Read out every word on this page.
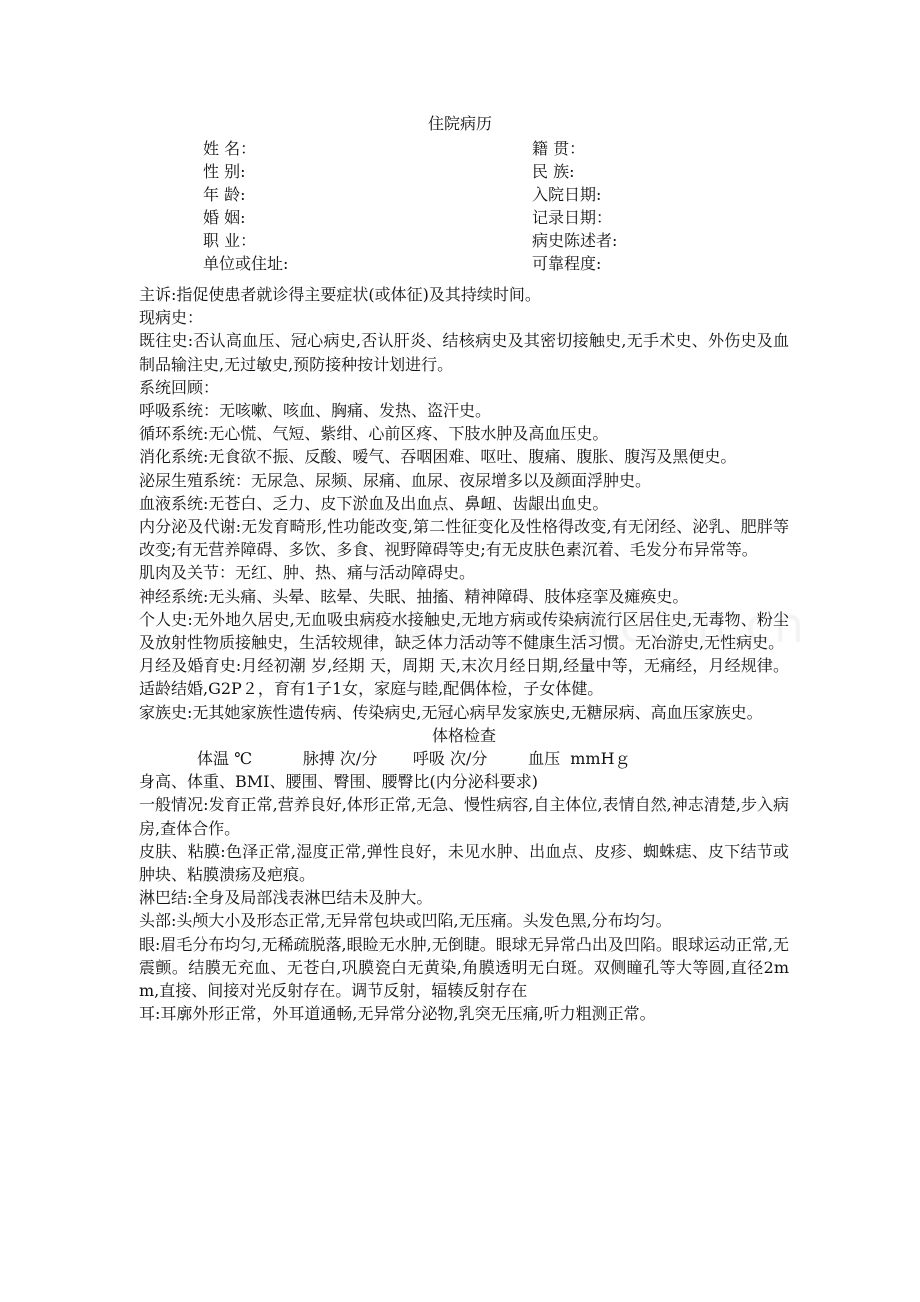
住院病历
姓 名：	籍 贯：
性 别:	民 族:
年 龄:	入院日期:
婚 姻:	记录日期：
职 业：	病史陈述者:
单位或住址:	可靠程度:

主诉:指促使患者就诊得主要症状(或体征)及其持续时间。

现病史：

既往史:否认高血压、冠心病史,否认肝炎、结核病史及其密切接触史,无手术史、外伤史及血制品输注史,无过敏史,预防接种按计划进行。

系统回顾：

呼吸系统：无咳嗽、咳血、胸痛、发热、盗汗史。

循环系统:无心慌、气短、紫绀、心前区疼、下肢水肿及高血压史。

消化系统:无食欲不振、反酸、嗳气、吞咽困难、呕吐、腹痛、腹胀、腹泻及黑便史。

泌尿生殖系统：无尿急、尿频、尿痛、血尿、夜尿增多以及颜面浮肿史。

血液系统:无苍白、乏力、皮下淤血及出血点、鼻衄、齿龈出血史。

内分泌及代谢:无发育畸形,性功能改变,第二性征变化及性格得改变,有无闭经、泌乳、肥胖等改变;有无营养障碍、多饮、多食、视野障碍等史;有无皮肤色素沉着、毛发分布异常等。

肌肉及关节：无红、肿、热、痛与活动障碍史。

神经系统:无头痛、头晕、眩晕、失眠、抽搐、精神障碍、肢体痉挛及瘫痪史。

个人史:无外地久居史,无血吸虫病疫水接触史,无地方病或传染病流行区居住史,无毒物、粉尘及放射性物质接触史，生活较规律，缺乏体力活动等不健康生活习惯。无冶游史,无性病史。

月经及婚育史:月经初潮 岁,经期 天，周期 天,末次月经日期,经量中等，无痛经，月经规律。适龄结婚,G2P２，育有1子1女，家庭与睦,配偶体检，子女体健。

家族史:无其她家族性遗传病、传染病史,无冠心病早发家族史,无糖尿病、高血压家族史。

体格检查

体温 ℃          脉搏 次/分       呼吸 次/分        血压  mmHｇ

身高、体重、BMI、腰围、臀围、腰臀比(内分泌科要求)

一般情况:发育正常,营养良好,体形正常,无急、慢性病容,自主体位,表情自然,神志清楚,步入病房,查体合作。

皮肤、粘膜:色泽正常,湿度正常,弹性良好，未见水肿、出血点、皮疹、蜘蛛痣、皮下结节或肿块、粘膜溃疡及疤痕。

淋巴结:全身及局部浅表淋巴结未及肿大。

头部:头颅大小及形态正常,无异常包块或凹陷,无压痛。头发色黑,分布均匀。

眼:眉毛分布均匀,无稀疏脱落,眼睑无水肿,无倒睫。眼球无异常凸出及凹陷。眼球运动正常,无震颤。结膜无充血、无苍白,巩膜瓷白无黄染,角膜透明无白斑。双侧瞳孔等大等圆,直径2mm,直接、间接对光反射存在。调节反射，辐辏反射存在

耳:耳廓外形正常，外耳道通畅,无异常分泌物,乳突无压痛,听力粗测正常。
